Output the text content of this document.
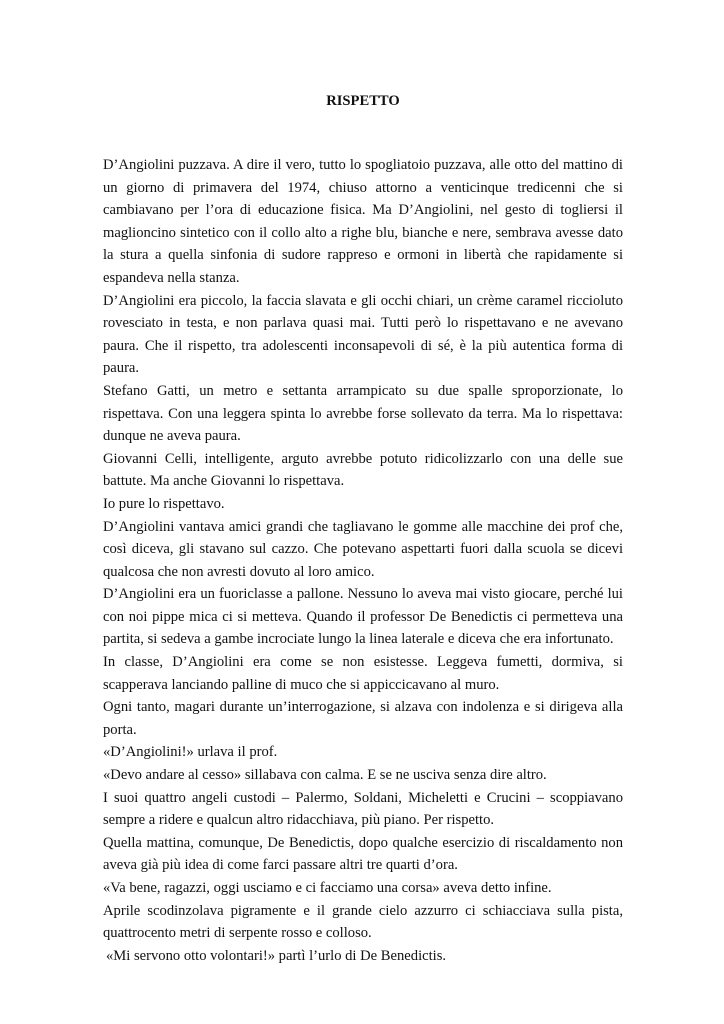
RISPETTO

D’Angiolini puzzava. A dire il vero, tutto lo spogliatoio puzzava, alle otto del mattino di un giorno di primavera del 1974, chiuso attorno a venticinque tredicenni che si cambiavano per l’ora di educazione fisica. Ma D’Angiolini, nel gesto di togliersi il maglioncino sintetico con il collo alto a righe blu, bianche e nere, sembrava avesse dato la stura a quella sinfonia di sudore rappreso e ormoni in libertà che rapidamente si espandeva nella stanza.

D’Angiolini era piccolo, la faccia slavata e gli occhi chiari, un crème caramel riccioluto rovesciato in testa, e non parlava quasi mai. Tutti però lo rispettavano e ne avevano paura. Che il rispetto, tra adolescenti inconsapevoli di sé, è la più autentica forma di paura.

Stefano Gatti, un metro e settanta arrampicato su due spalle sproporzionate, lo rispettava. Con una leggera spinta lo avrebbe forse sollevato da terra. Ma lo rispettava: dunque ne aveva paura.

Giovanni Celli, intelligente, arguto avrebbe potuto ridicolizzarlo con una delle sue battute. Ma anche Giovanni lo rispettava.

Io pure lo rispettavo.

D’Angiolini vantava amici grandi che tagliavano le gomme alle macchine dei prof che, così diceva, gli stavano sul cazzo. Che potevano aspettarti fuori dalla scuola se dicevi qualcosa che non avresti dovuto al loro amico.

D’Angiolini era un fuoriclasse a pallone. Nessuno lo aveva mai visto giocare, perché lui con noi pippe mica ci si metteva. Quando il professor De Benedictis ci permetteva una partita, si sedeva a gambe incrociate lungo la linea laterale e diceva che era infortunato.

In classe, D’Angiolini era come se non esistesse. Leggeva fumetti, dormiva, si scapperava lanciando palline di muco che si appiccicavano al muro.

Ogni tanto, magari durante un’interrogazione, si alzava con indolenza e si dirigeva alla porta.

«D’Angiolini!» urlava il prof.

«Devo andare al cesso» sillabava con calma. E se ne usciva senza dire altro.

I suoi quattro angeli custodi – Palermo, Soldani, Micheletti e Crucini – scoppiavano sempre a ridere e qualcun altro ridacchiava, più piano. Per rispetto.

Quella mattina, comunque, De Benedictis, dopo qualche esercizio di riscaldamento non aveva già più idea di come farci passare altri tre quarti d’ora.

«Va bene, ragazzi, oggi usciamo e ci facciamo una corsa» aveva detto infine.

Aprile scodinzolava pigramente e il grande cielo azzurro ci schiacciava sulla pista, quattrocento metri di serpente rosso e colloso.

«Mi servono otto volontari!» partì l’urlo di De Benedictis.
